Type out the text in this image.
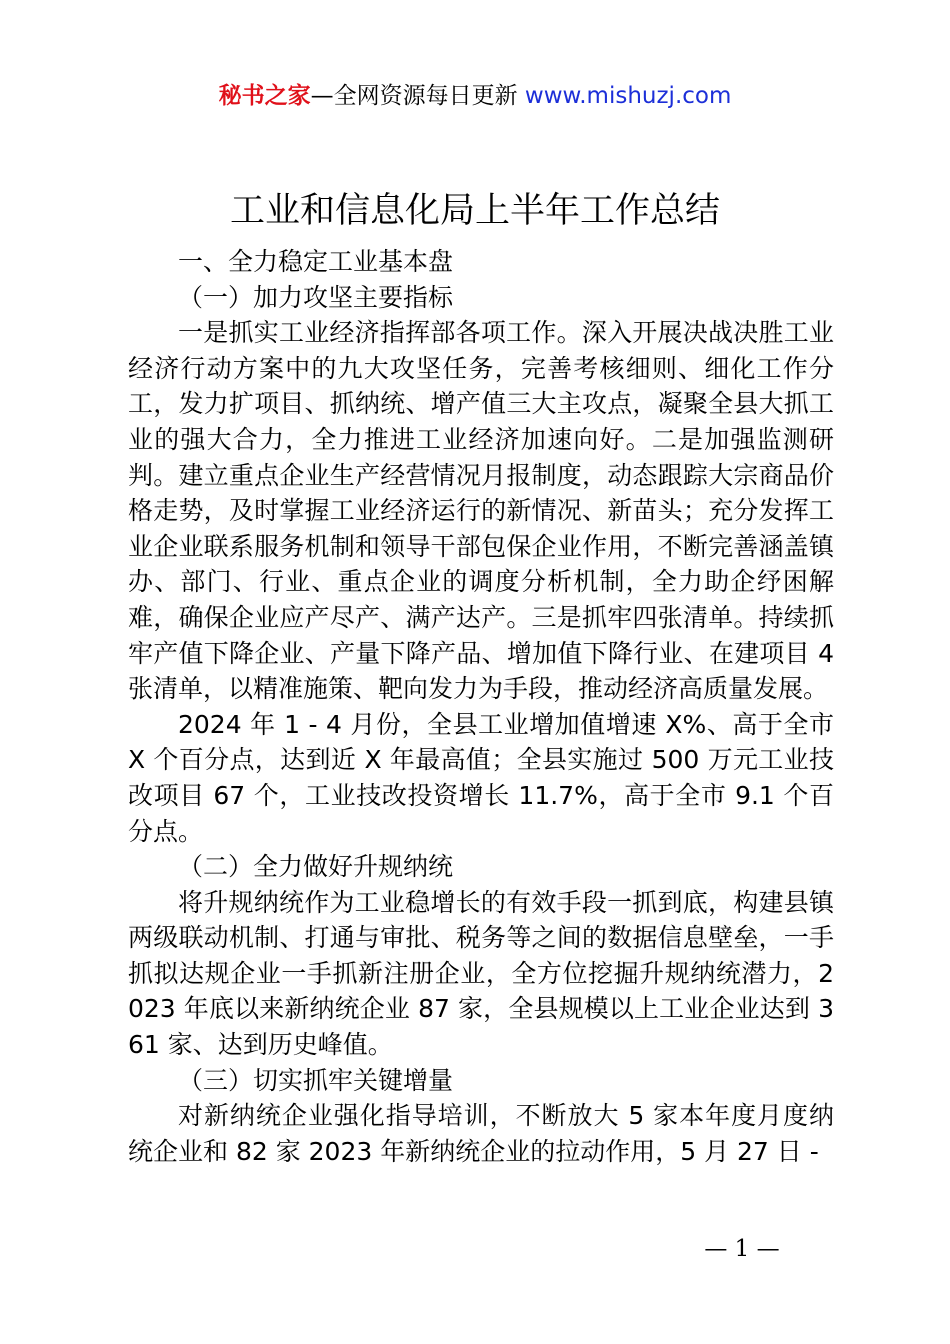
秘书之家—全网资源每日更新 www.mishuzj.com
工业和信息化局上半年工作总结

一、全力稳定工业基本盘

（一）加力攻坚主要指标

一是抓实工业经济指挥部各项工作。深入开展决战决胜工业经济行动方案中的九大攻坚任务，完善考核细则、细化工作分工，发力扩项目、抓纳统、增产值三大主攻点，凝聚全县大抓工业的强大合力，全力推进工业经济加速向好。二是加强监测研判。建立重点企业生产经营情况月报制度，动态跟踪大宗商品价格走势，及时掌握工业经济运行的新情况、新苗头；充分发挥工业企业联系服务机制和领导干部包保企业作用，不断完善涵盖镇办、部门、行业、重点企业的调度分析机制，全力助企纾困解难，确保企业应产尽产、满产达产。三是抓牢四张清单。持续抓牢产值下降企业、产量下降产品、增加值下降行业、在建项目 4 张清单，以精准施策、靶向发力为手段，推动经济高质量发展。

2024 年 1 - 4 月份，全县工业增加值增速 X%、高于全市 X 个百分点，达到近 X 年最高值；全县实施过 500 万元工业技改项目 67 个，工业技改投资增长 11.7%，高于全市 9.1 个百分点。

（二）全力做好升规纳统

将升规纳统作为工业稳增长的有效手段一抓到底，构建县镇两级联动机制、打通与审批、税务等之间的数据信息壁垒，一手抓拟达规企业一手抓新注册企业，全方位挖掘升规纳统潜力，2023 年底以来新纳统企业 87 家，全县规模以上工业企业达到 361 家、达到历史峰值。

（三）切实抓牢关键增量

对新纳统企业强化指导培训，不断放大 5 家本年度月度纳统企业和 82 家 2023 年新纳统企业的拉动作用，5 月 27 日 -

— 1 —
